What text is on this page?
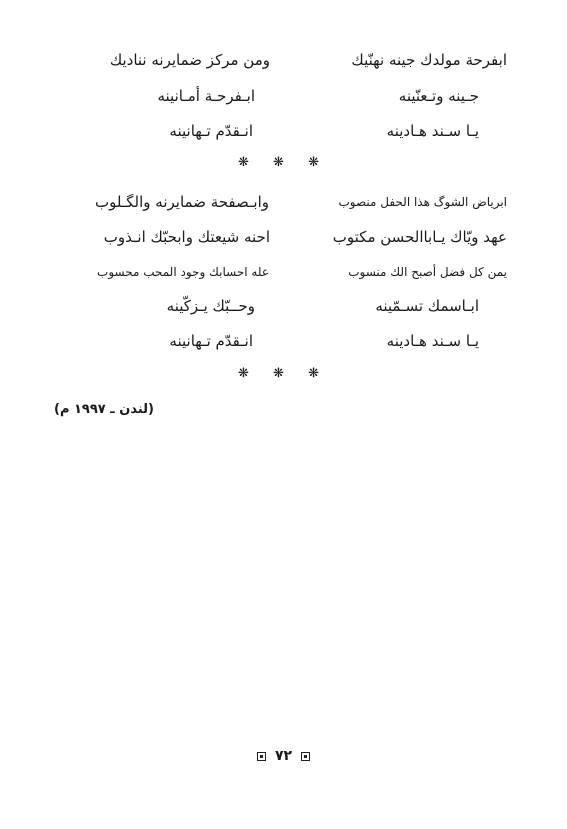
ابفرحة مولدك جينه نهنّيك
ومن مركز ضمايرنه نناديك
جـينه وتـعنّينه
ابـفرحـة أمـانينه
يـا سـند هـادينه
انـقدّم تـهانينه
❋ ❋ ❋
ابرياض الشوگ هذا الحفل منصوب
وابـصفحة ضمايرنه والگـلوب
عهد ويّاك يـاباالحسن مكتوب
احنه شيعتك وابحبّك انـذوب
يمن كل فضل أصبح الك منسوب
عله احسابك وجود المحب محسوب
ابـاسمك تسـمّينه
وحــبّك يـزكّينه
يـا سـند هـادينه
انـقدّم تـهانينه
❋ ❋ ❋
(لندن ـ ١٩٩٧ م)
٧٢
